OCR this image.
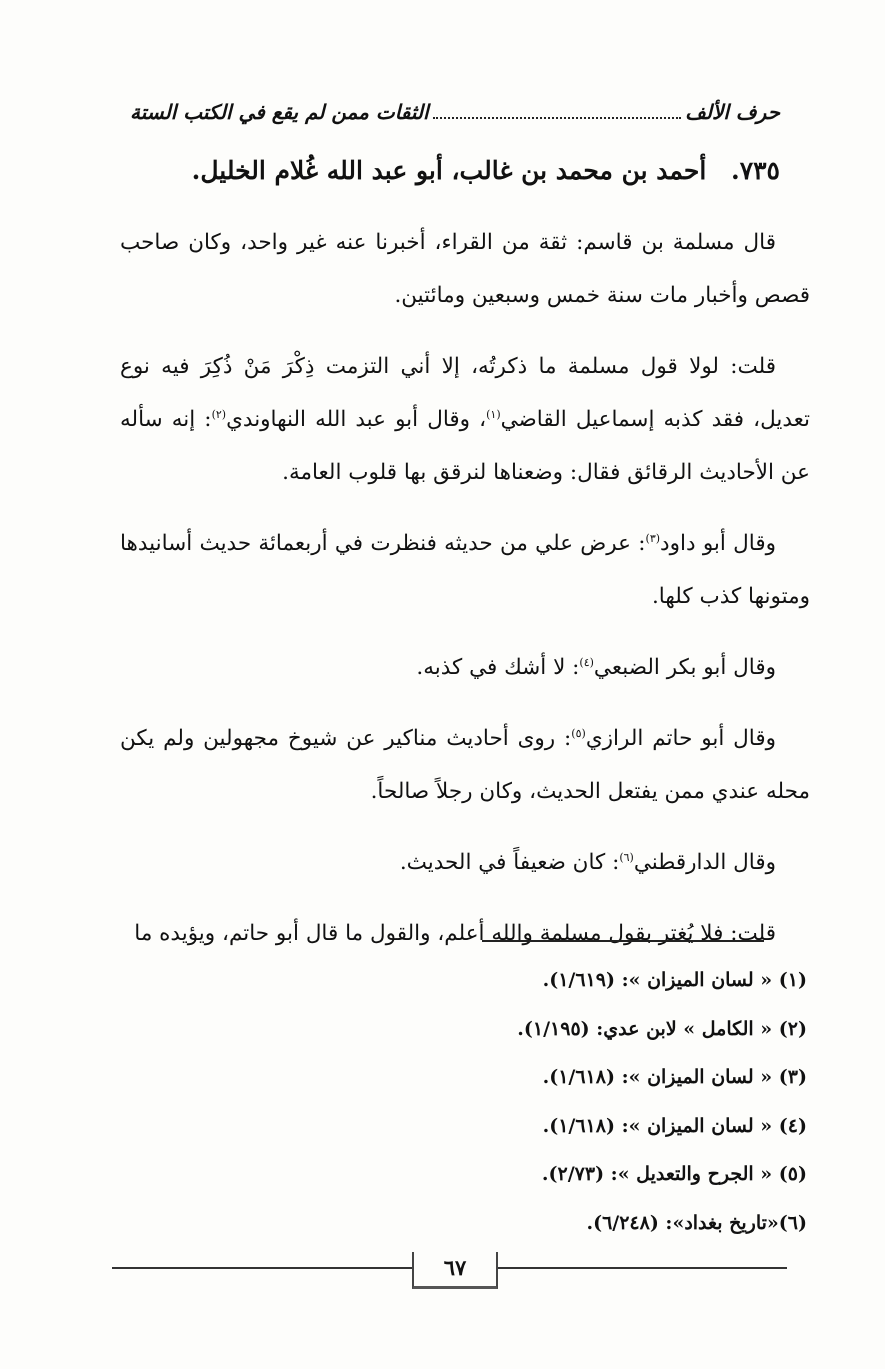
حرف الألف
الثقات ممن لم يقع في الكتب الستة
٧٣٥. أحمد بن محمد بن غالب، أبو عبد الله غُلام الخليل.

قال مسلمة بن قاسم: ثقة من القراء، أخبرنا عنه غير واحد، وكان صاحب قصص وأخبار مات سنة خمس وسبعين ومائتين.

قلت: لولا قول مسلمة ما ذكرتُه، إلا أني التزمت ذِكْرَ مَنْ ذُكِرَ فيه نوع تعديل، فقد كذبه إسماعيل القاضي$^{(١)}$، وقال أبو عبد الله النهاوندي$^{(٢)}$: إنه سأله عن الأحاديث الرقائق فقال: وضعناها لنرقق بها قلوب العامة.

وقال أبو داود$^{(٣)}$: عرض علي من حديثه فنظرت في أربعمائة حديث أسانيدها ومتونها كذب كلها.

وقال أبو بكر الضبعي$^{(٤)}$: لا أشك في كذبه.

وقال أبو حاتم الرازي$^{(٥)}$: روى أحاديث مناكير عن شيوخ مجهولين ولم يكن محله عندي ممن يفتعل الحديث، وكان رجلاً صالحاً.

وقال الدارقطني$^{(٦)}$: كان ضعيفاً في الحديث.

قلت: فلا يُغتر بقول مسلمة والله أعلم، والقول ما قال أبو حاتم، ويؤيده ما

(١) « لسان الميزان »: (١/٦١٩).
(٢) « الكامل » لابن عدي: (١/١٩٥).
(٣) « لسان الميزان »: (١/٦١٨).
(٤) « لسان الميزان »: (١/٦١٨).
(٥) « الجرح والتعديل »: (٢/٧٣).
(٦)«تاريخ بغداد»: (٦/٢٤٨).
٦٧
